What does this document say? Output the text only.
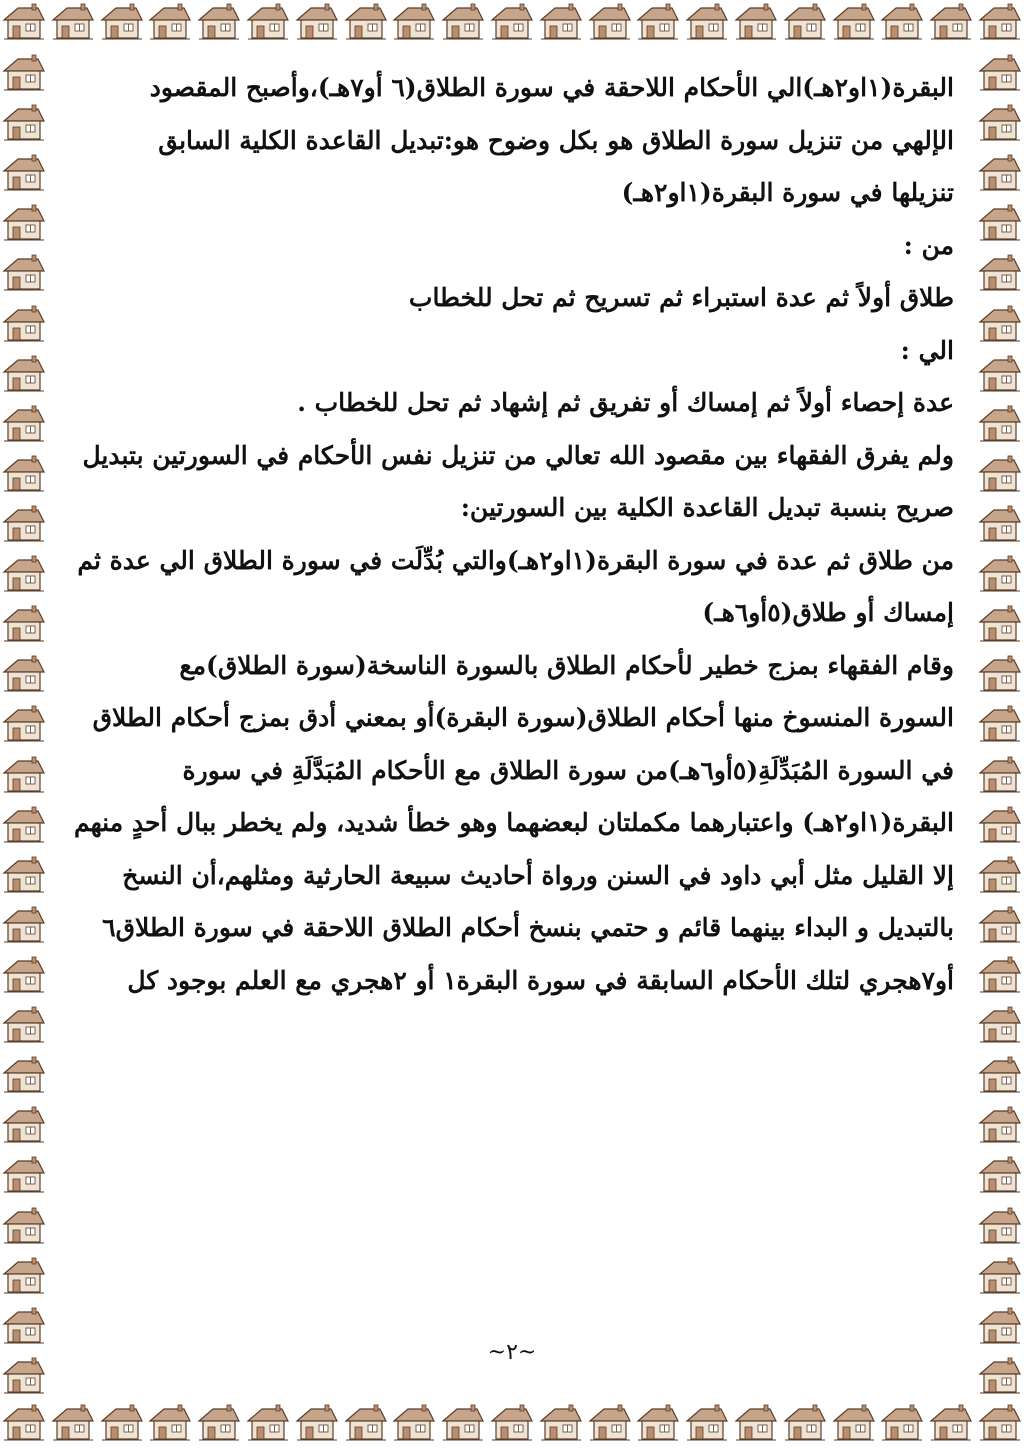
البقرة(١او٢هـ)الي الأحكام اللاحقة في سورة الطلاق(٦ أو٧هـ)،وأصبح المقصود
الإلهي من تنزيل سورة الطلاق هو بكل وضوح هو:تبديل القاعدة الكلية السابق
تنزيلها في سورة البقرة(١او٢هـ)
من :
طلاق أولاً ثم عدة استبراء ثم تسريح ثم تحل للخطاب
الي :
عدة إحصاء أولاً ثم إمساك أو تفريق ثم إشهاد ثم تحل للخطاب .
ولم يفرق الفقهاء بين مقصود الله تعالي من تنزيل نفس الأحكام في السورتين بتبديل
صريح بنسبة تبديل القاعدة الكلية بين السورتين:
من طلاق ثم عدة في سورة البقرة(١او٢هـ)والتي بُدِّلَت في سورة الطلاق الي عدة ثم
إمساك أو طلاق(٥أو٦هـ)
وقام الفقهاء بمزج خطير لأحكام الطلاق بالسورة الناسخة(سورة الطلاق)مع
السورة المنسوخ منها أحكام الطلاق(سورة البقرة)أو بمعني أدق بمزج أحكام الطلاق
في السورة المُبَدِّلَةِ(٥أو٦هـ)من سورة الطلاق مع الأحكام المُبَدَّلَةِ في سورة
البقرة(١او٢هـ) واعتبارهما مكملتان لبعضهما وهو خطأ شديد، ولم يخطر ببال أحدٍ منهم
إلا القليل مثل أبي داود في السنن ورواة أحاديث سبيعة الحارثية ومثلهم،أن النسخ
بالتبديل و البداء بينهما قائم و حتمي بنسخ أحكام الطلاق اللاحقة في سورة الطلاق٦
أو٧هجري لتلك الأحكام السابقة في سورة البقرة١ أو ٢هجري مع العلم بوجود كل
~٢~
